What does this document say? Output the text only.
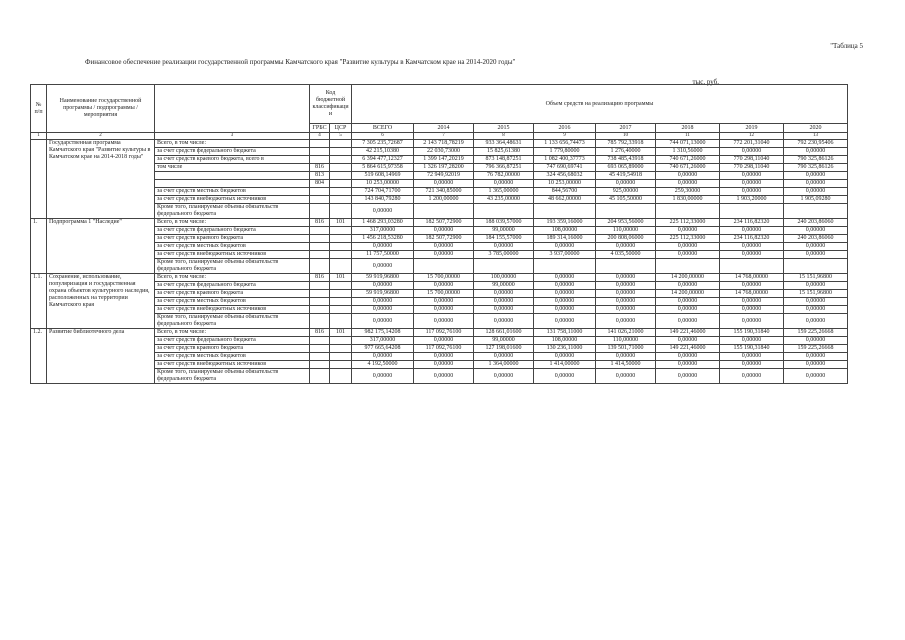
"Таблица 5
Финансовое обеспечение реализации государственной программы Камчатского края "Развитие культуры в Камчатском крае на 2014-2020 годы"
тыс. руб.
№ п/п	Наименование государственной программы / подпрограммы / мероприятия		Код бюджетной классификаци и		Объем средств на реализацию программы							
			ГРБС	ЦСР	ВСЕГО	2014	2015	2016	2017	2018	2019	2020
1	2	3	4	5	6	7	8	9	10	11	12	13
	Государственная программа Камчатского края "Развитие культуры в Камчатском крае на 2014-2018 годы"	Всего, в том числе:			7 305 235,72687	2 143 718,78219	933 364,48631	1 133 656,74473	785 792,33918	744 071,13000	772 201,31040	792 230,95406
		за счет средств федерального бюджета			42 215,10380	22 030,73000	15 825,61380	1 779,80000	1 276,40000	1 310,56000	0,00000	0,00000
		за счет средств краевого бюджета, всего в			6 394 477,12327	1 399 147,20219	873 148,87251	1 082 400,37773	738 485,43918	740 671,26000	770 298,11040	790 325,86126
		том числе	816		5 864 615,97358	1 326 197,28200	796 366,87251	747 690,69741	693 065,89000	740 671,26000	770 298,11040	790 325,86126
			813		519 608,14969	72 949,92019	76 782,00000	324 456,68032	45 419,54918	0,00000	0,00000	0,00000
			804		10 253,00000	0,00000	0,00000	10 253,00000	0,00000	0,00000	0,00000	0,00000
		за счет средств местных бюджетов			724 704,71700	721 340,85000	1 365,00000	844,56700	925,00000	259,30000	0,00000	0,00000
		за счет средств внебюджетных источников			143 840,79280	1 200,00000	43 235,00000	48 662,00000	45 105,50000	1 830,00000	1 903,20000	1 905,09280
		Кроме того, планируемые объемы обязательств федерального бюджета			0,00000							
1.	Подпрограмма 1 "Наследие"	Всего, в том числе:	816	101	1 468 293,03280	182 507,72900	188 039,57000	193 359,16000	204 953,56000	225 112,33000	234 116,82320	240 203,86060
		за счет средств федерального бюджета			317,00000	0,00000	99,00000	108,00000	110,00000	0,00000	0,00000	0,00000
		за счет средств краевого бюджета			1 456 218,53280	182 507,72900	184 155,57000	189 314,16000	200 808,06000	225 112,33000	234 116,82320	240 203,86060
		за счет средств местных бюджетов			0,00000	0,00000	0,00000	0,00000	0,00000	0,00000	0,00000	0,00000
		за счет средств внебюджетных источников			11 757,50000	0,00000	3 785,00000	3 937,00000	4 035,50000	0,00000	0,00000	0,00000
		Кроме того, планируемые объемы обязательств федерального бюджета			0,00000							
1.1.	Сохранение, использование, популяризация и государственная охрана объектов культурного наследия, расположенных на территории Камчатского края	Всего, в том числе:	816	101	59 919,96800	15 700,00000	100,00000	0,00000	0,00000	14 200,00000	14 768,00000	15 151,96800
		за счет средств федерального бюджета			0,00000	0,00000	99,00000	0,00000	0,00000	0,00000	0,00000	0,00000
		за счет средств краевого бюджета			59 919,96800	15 700,00000	0,00000	0,00000	0,00000	14 200,00000	14 768,00000	15 151,96800
		за счет средств местных бюджетов			0,00000	0,00000	0,00000	0,00000	0,00000	0,00000	0,00000	0,00000
		за счет средств внебюджетных источников			0,00000	0,00000	0,00000	0,00000	0,00000	0,00000	0,00000	0,00000
		Кроме того, планируемые объемы обязательств федерального бюджета			0,00000	0,00000	0,00000	0,00000	0,00000	0,00000	0,00000	0,00000
1.2.	Развитие библиотечного дела	Всего, в том числе:	816	101	982 175,14208	117 092,76100	128 661,01600	131 758,11000	141 026,21000	149 221,46000	155 190,31840	159 225,26668
		за счет средств федерального бюджета			317,00000	0,00000	99,00000	108,00000	110,00000	0,00000	0,00000	0,00000
		за счет средств краевого бюджета			977 665,64208	117 092,76100	127 198,01600	130 236,11000	139 501,71000	149 221,46000	155 190,31840	159 225,26668
		за счет средств местных бюджетов			0,00000	0,00000	0,00000	0,00000	0,00000	0,00000	0,00000	0,00000
		за счет средств внебюджетных источников			4 192,50000	0,00000	1 364,00000	1 414,00000	1 414,50000	0,00000	0,00000	0,00000
		Кроме того, планируемые объемы обязательств федерального бюджета			0,00000	0,00000	0,00000	0,00000	0,00000	0,00000	0,00000	0,00000
